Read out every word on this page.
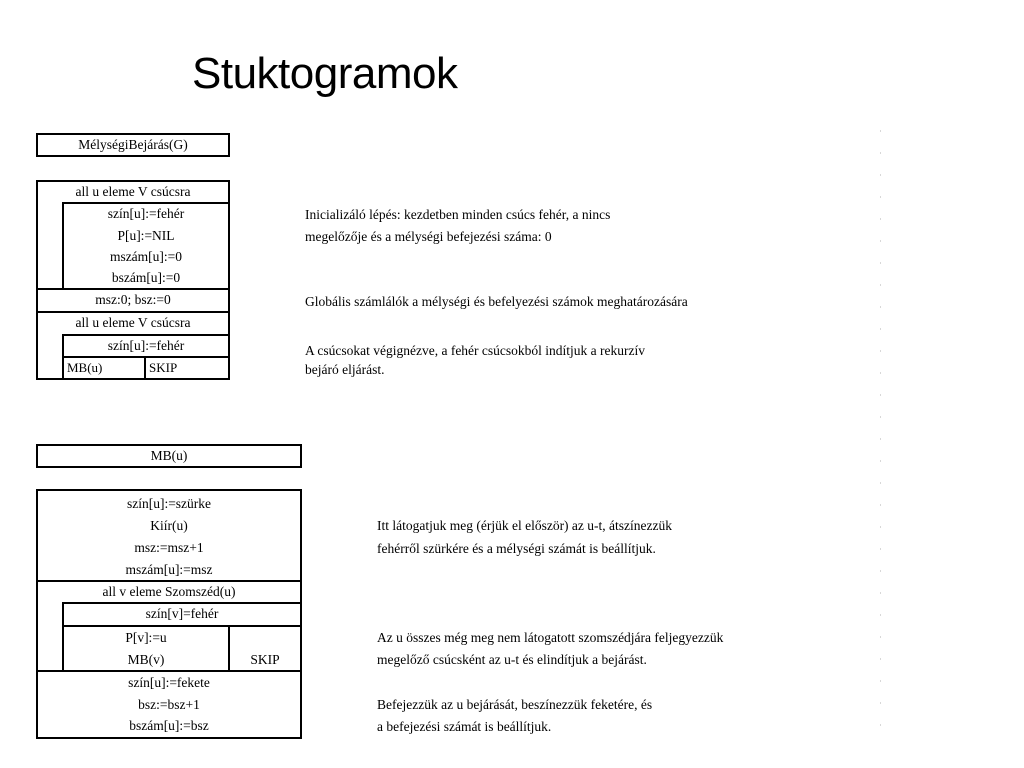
Stuktogramok
MélységiBejárás(G)
all u eleme V csúcsra
szín[u]:=fehér
P[u]:=NIL
mszám[u]:=0
bszám[u]:=0
msz:0; bsz:=0
all u eleme V csúcsra
szín[u]:=fehér
MB(u)	SKIP
Inicializáló lépés: kezdetben minden csúcs fehér, a nincs
megelőzője és a mélységi befejezési száma: 0
Globális számlálók a mélységi és befelyezési számok meghatározására
A csúcsokat végignézve, a fehér csúcsokból indítjuk a rekurzív
bejáró eljárást.
MB(u)
szín[u]:=szürke
Kiír(u)
msz:=msz+1
mszám[u]:=msz
all v eleme Szomszéd(u)
szín[v]=fehér
P[v]:=u
MB(v)	SKIP
szín[u]:=fekete
bsz:=bsz+1
bszám[u]:=bsz
Itt látogatjuk meg (érjük el először) az u-t, átszínezzük
fehérről szürkére és a mélységi számát is beállítjuk.
Az u összes még meg nem látogatott szomszédjára feljegyezzük
megelőző csúcsként az u-t és elindítjuk a bejárást.
Befejezzük az u bejárását, beszínezzük feketére, és
a befejezési számát is beállítjuk.
